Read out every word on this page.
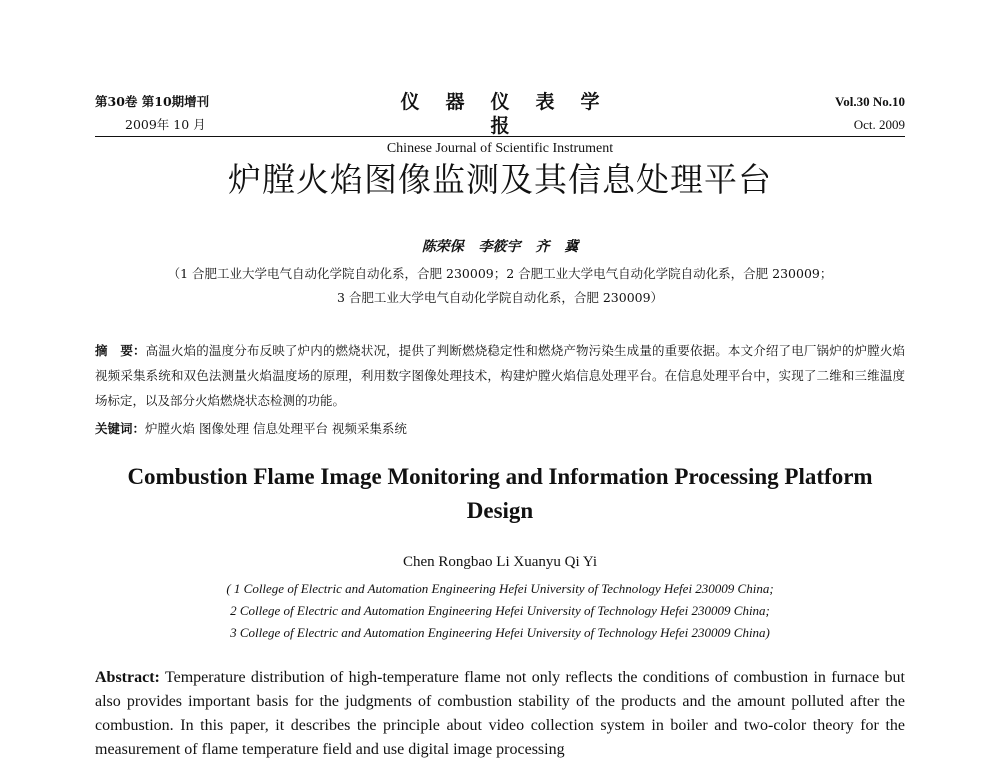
第30卷 第10期增刊
2009年 10 月
仪器仪表学报
Chinese Journal of Scientific Instrument
Vol.30 No.10
Oct. 2009
炉膛火焰图像监测及其信息处理平台
陈荣保 李筱宇 齐 冀
（1 合肥工业大学电气自动化学院自动化系，合肥 230009；2 合肥工业大学电气自动化学院自动化系，合肥 230009；
3 合肥工业大学电气自动化学院自动化系，合肥 230009）
摘　要：高温火焰的温度分布反映了炉内的燃烧状况，提供了判断燃烧稳定性和燃烧产物污染生成量的重要依据。本文介绍了电厂锅炉的炉膛火焰视频采集系统和双色法测量火焰温度场的原理，利用数字图像处理技术，构建炉膛火焰信息处理平台。在信息处理平台中，实现了二维和三维温度场标定，以及部分火焰燃烧状态检测的功能。
关键词：炉膛火焰 图像处理 信息处理平台 视频采集系统
Combustion Flame Image Monitoring and Information Processing Platform Design
Chen Rongbao Li Xuanyu Qi Yi
( 1 College of Electric and Automation Engineering Hefei University of Technology Hefei 230009 China;
2 College of Electric and Automation Engineering Hefei University of Technology Hefei 230009 China;
3 College of Electric and Automation Engineering Hefei University of Technology Hefei 230009 China)
Abstract: Temperature distribution of high-temperature flame not only reflects the conditions of combustion in furnace but also provides important basis for the judgments of combustion stability of the products and the amount polluted after the combustion. In this paper, it describes the principle about video collection system in boiler and two-color theory for the measurement of flame temperature field and use digital image processing
